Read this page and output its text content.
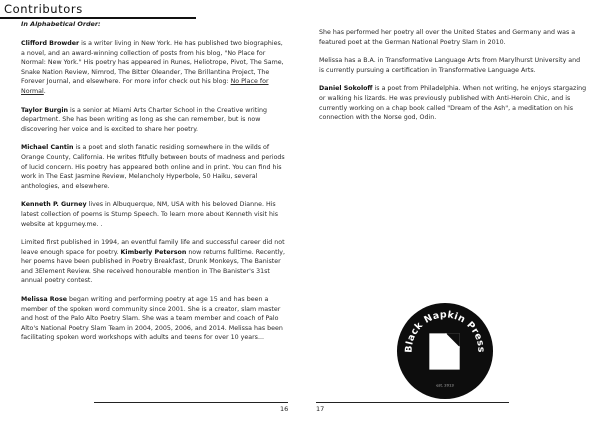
Contributors
In Alphabetical Order:

Clifford Browder is a writer living in New York. He has published two biographies, a novel, and an award-winning collection of posts from his blog, "No Place for Normal: New York." His poetry has appeared in Runes, Heliotrope, Pivot, The Same, Snake Nation Review, Nimrod, The Bitter Oleander, The Brillantina Project, The Forever Journal, and elsewhere. For more infor check out his blog: No Place for Normal.

Taylor Burgin is a senior at Miami Arts Charter School in the Creative writing department. She has been writing as long as she can remember, but is now discovering her voice and is excited to share her poetry.

Michael Cantin is a poet and sloth fanatic residing somewhere in the wilds of Orange County, California. He writes fitfully between bouts of madness and periods of lucid concern. His poetry has appeared both online and in print. You can find his work in The East Jasmine Review, Melancholy Hyperbole, 50 Haiku, several anthologies, and elsewhere.

Kenneth P. Gurney lives in Albuquerque, NM, USA with his beloved Dianne. His latest collection of poems is Stump Speech. To learn more about Kenneth visit his website at kpgurney.me. .

Limited first published in 1994, an eventful family life and successful career did not leave enough space for poetry. Kimberly Peterson now returns fulltime. Recently, her poems have been published in Poetry Breakfast, Drunk Monkeys, The Banister and 3Element Review. She received honourable mention in The Banister's 31st annual poetry contest.

Melissa Rose began writing and performing poetry at age 15 and has been a member of the spoken word community since 2001. She is a creator, slam master and host of the Palo Alto Poetry Slam. She was a team member and coach of Palo Alto's National Poetry Slam Team in 2004, 2005, 2006, and 2014. Melissa has been facilitating spoken word workshops with adults and teens for over 10 years...

She has performed her poetry all over the United States and Germany and was a featured poet at the German National Poetry Slam in 2010.

Melissa has a B.A. in Transformative Language Arts from Marylhurst University and is currently pursuing a certification in Transformative Language Arts.

Daniel Sokoloff is a poet from Philadelphia. When not writing, he enjoys stargazing or walking his lizards. He was previously published with Anti-Heroin Chic, and is currently working on a chap book called "Dream of the Ash", a meditation on his connection with the Norse god, Odin.

Black Napkin Press
est. 2013
16	17
